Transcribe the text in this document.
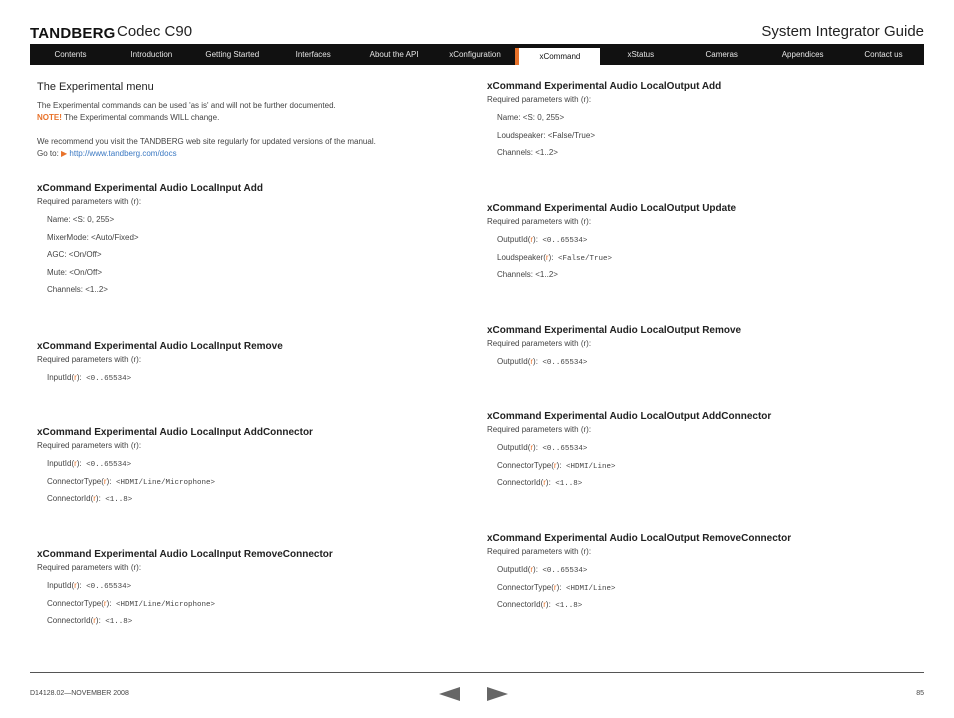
TANDBERG Codec C90	System Integrator Guide
Contents	Introduction	Getting Started	Interfaces	About the API	xConfiguration	xCommand	xStatus	Cameras	Appendices	Contact us
The Experimental menu
The Experimental commands can be used 'as is' and will not be further documented.
NOTE! The Experimental commands WILL change.
We recommend you visit the TANDBERG web site regularly for updated versions of the manual.
Go to: ▶ http://www.tandberg.com/docs
xCommand Experimental Audio LocalInput Add
Required parameters with (r):
Name: <S: 0, 255>
MixerMode: <Auto/Fixed>
AGC: <On/Off>
Mute: <On/Off>
Channels: <1..2>
xCommand Experimental Audio LocalInput Remove
Required parameters with (r):
InputId(r):  <0..65534>
xCommand Experimental Audio LocalInput AddConnector
Required parameters with (r):
InputId(r):  <0..65534>
ConnectorType(r):  <HDMI/Line/Microphone>
ConnectorId(r):  <1..8>
xCommand Experimental Audio LocalInput RemoveConnector
Required parameters with (r):
InputId(r):  <0..65534>
ConnectorType(r):  <HDMI/Line/Microphone>
ConnectorId(r):  <1..8>
xCommand Experimental Audio LocalOutput Add
Required parameters with (r):
Name: <S: 0, 255>
Loudspeaker: <False/True>
Channels: <1..2>
xCommand Experimental Audio LocalOutput Update
Required parameters with (r):
OutputId(r):  <0..65534>
Loudspeaker(r):  <False/True>
Channels: <1..2>
xCommand Experimental Audio LocalOutput Remove
Required parameters with (r):
OutputId(r):  <0..65534>
xCommand Experimental Audio LocalOutput AddConnector
Required parameters with (r):
OutputId(r):  <0..65534>
ConnectorType(r):  <HDMI/Line>
ConnectorId(r):  <1..8>
xCommand Experimental Audio LocalOutput RemoveConnector
Required parameters with (r):
OutputId(r):  <0..65534>
ConnectorType(r):  <HDMI/Line>
ConnectorId(r):  <1..8>
D14128.02—NOVEMBER 2008	85
